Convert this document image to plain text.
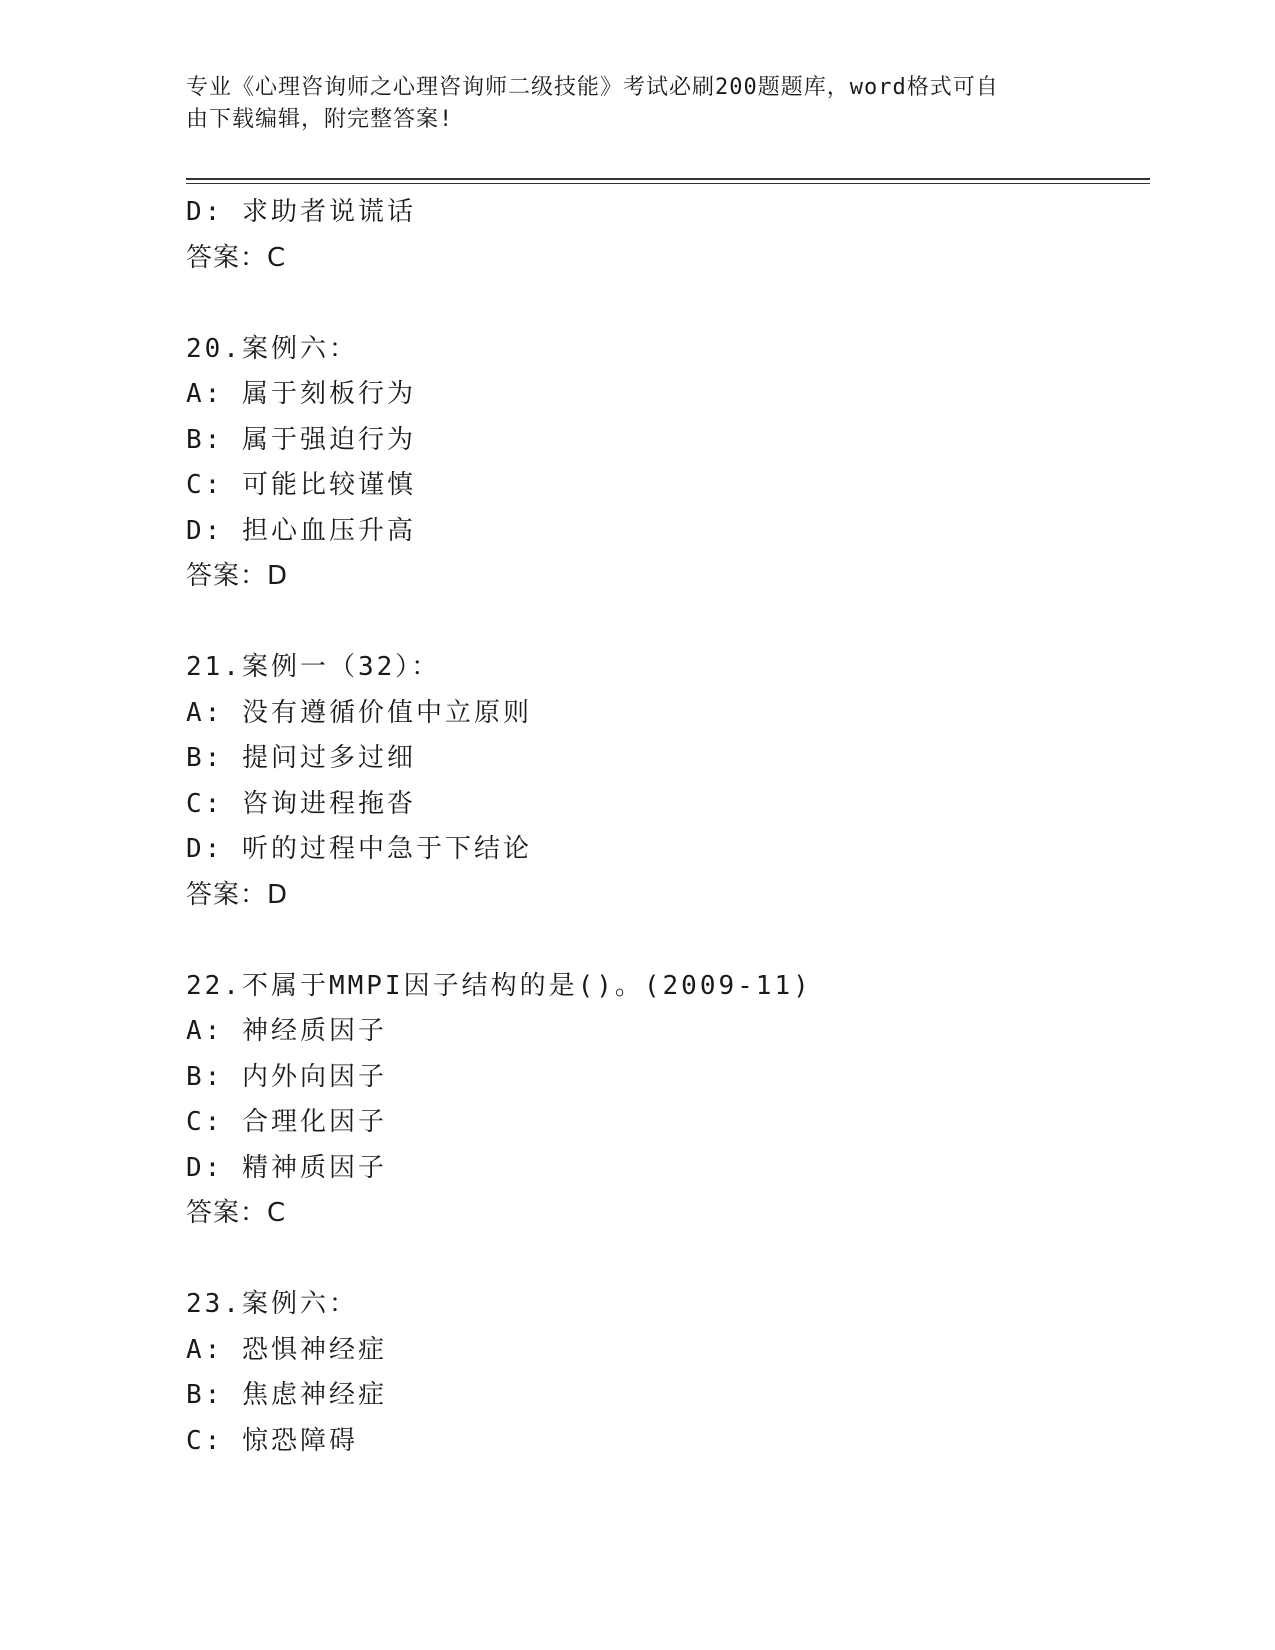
专业《心理咨询师之心理咨询师二级技能》考试必刷200题题库，word格式可自
由下载编辑，附完整答案!
D: 求助者说谎话
答案：C
20.案例六：
A: 属于刻板行为
B: 属于强迫行为
C: 可能比较谨慎
D: 担心血压升高
答案：D
21.案例一（32）：
A: 没有遵循价值中立原则
B: 提问过多过细
C: 咨询进程拖沓
D: 听的过程中急于下结论
答案：D
22.不属于MMPI因子结构的是()。(2009-11)
A: 神经质因子
B: 内外向因子
C: 合理化因子
D: 精神质因子
答案：C
23.案例六：
A: 恐惧神经症
B: 焦虑神经症
C: 惊恐障碍
